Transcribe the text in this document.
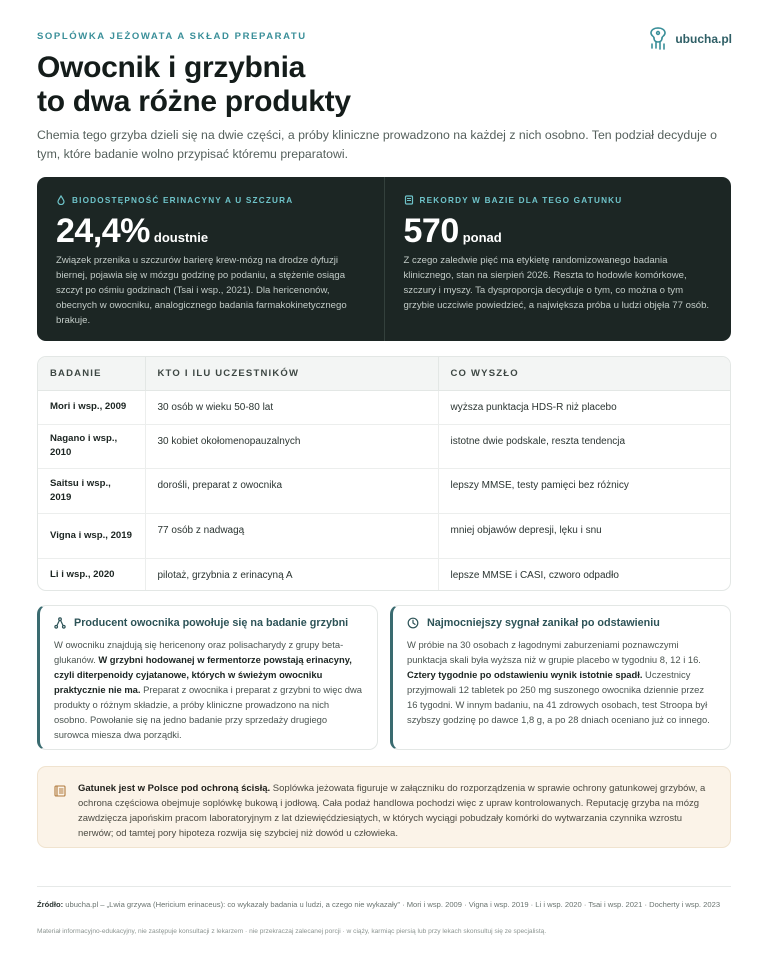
SOPLÓWKA JEŻOWATA A SKŁAD PREPARATU	ubucha.pl
Owocnik i grzybnia
to dwa różne produkty

Chemia tego grzyba dzieli się na dwie części, a próby kliniczne prowadzono na każdej z nich osobno. Ten podział decyduje o tym, które badanie wolno przypisać któremu preparatowi.

BIODOSTĘPNOŚĆ ERINACYNY A U SZCZURA
24,4% doustnie

Związek przenika u szczurów barierę krew-mózg na drodze dyfuzji biernej, pojawia się w mózgu godzinę po podaniu, a stężenie osiąga szczyt po ośmiu godzinach (Tsai i wsp., 2021). Dla hericenonów, obecnych w owocniku, analogicznego badania farmakokinetycznego brakuje.

REKORDY W BAZIE DLA TEGO GATUNKU
570 ponad

Z czego zaledwie pięć ma etykietę randomizowanego badania klinicznego, stan na sierpień 2026. Reszta to hodowle komórkowe, szczury i myszy. Ta dysproporcja decyduje o tym, co można o tym grzybie uczciwie powiedzieć, a największa próba u ludzi objęła 77 osób.

BADANIE	KTO I ILU UCZESTNIKÓW	CO WYSZŁO
Mori i wsp., 2009	30 osób w wieku 50-80 lat	wyższa punktacja HDS-R niż placebo
Nagano i wsp., 2010	30 kobiet okołomenopauzalnych	istotne dwie podskale, reszta tendencja
Saitsu i wsp., 2019	dorośli, preparat z owocnika	lepszy MMSE, testy pamięci bez różnicy
Vigna i wsp., 2019	77 osób z nadwagą	mniej objawów depresji, lęku i snu
Li i wsp., 2020	pilotaż, grzybnia z erinacyną A	lepsze MMSE i CASI, czworo odpadło
Producent owocnika powołuje się na badanie grzybni

W owocniku znajdują się hericenony oraz polisacharydy z grupy beta-glukanów. W grzybni hodowanej w fermentorze powstają erinacyny, czyli diterpenoidy cyjatanowe, których w świeżym owocniku praktycznie nie ma. Preparat z owocnika i preparat z grzybni to więc dwa produkty o różnym składzie, a próby kliniczne prowadzono na nich osobno. Powołanie się na jedno badanie przy sprzedaży drugiego surowca miesza dwa porządki.

Najmocniejszy sygnał zanikał po odstawieniu

W próbie na 30 osobach z łagodnymi zaburzeniami poznawczymi punktacja skali była wyższa niż w grupie placebo w tygodniu 8, 12 i 16. Cztery tygodnie po odstawieniu wynik istotnie spadł. Uczestnicy przyjmowali 12 tabletek po 250 mg suszonego owocnika dziennie przez 16 tygodni. W innym badaniu, na 41 zdrowych osobach, test Stroopa był szybszy godzinę po dawce 1,8 g, a po 28 dniach oceniano już co innego.

Gatunek jest w Polsce pod ochroną ścisłą. Soplówka jeżowata figuruje w załączniku do rozporządzenia w sprawie ochrony gatunkowej grzybów, a ochrona częściowa obejmuje soplówkę bukową i jodłową. Cała podaż handlowa pochodzi więc z upraw kontrolowanych. Reputację grzyba na mózg zawdzięcza japońskim pracom laboratoryjnym z lat dziewięćdziesiątych, w których wyciągi pobudzały komórki do wytwarzania czynnika wzrostu nerwów; od tamtej pory hipoteza rozwija się szybciej niż dowód u człowieka.

Źródło: ubucha.pl – „Lwia grzywa (Hericium erinaceus): co wykazały badania u ludzi, a czego nie wykazały” · Mori i wsp. 2009 · Vigna i wsp. 2019 · Li i wsp. 2020 · Tsai i wsp. 2021 · Docherty i wsp. 2023

Materiał informacyjno-edukacyjny, nie zastępuje konsultacji z lekarzem · nie przekraczaj zalecanej porcji · w ciąży, karmiąc piersią lub przy lekach skonsultuj się ze specjalistą.
